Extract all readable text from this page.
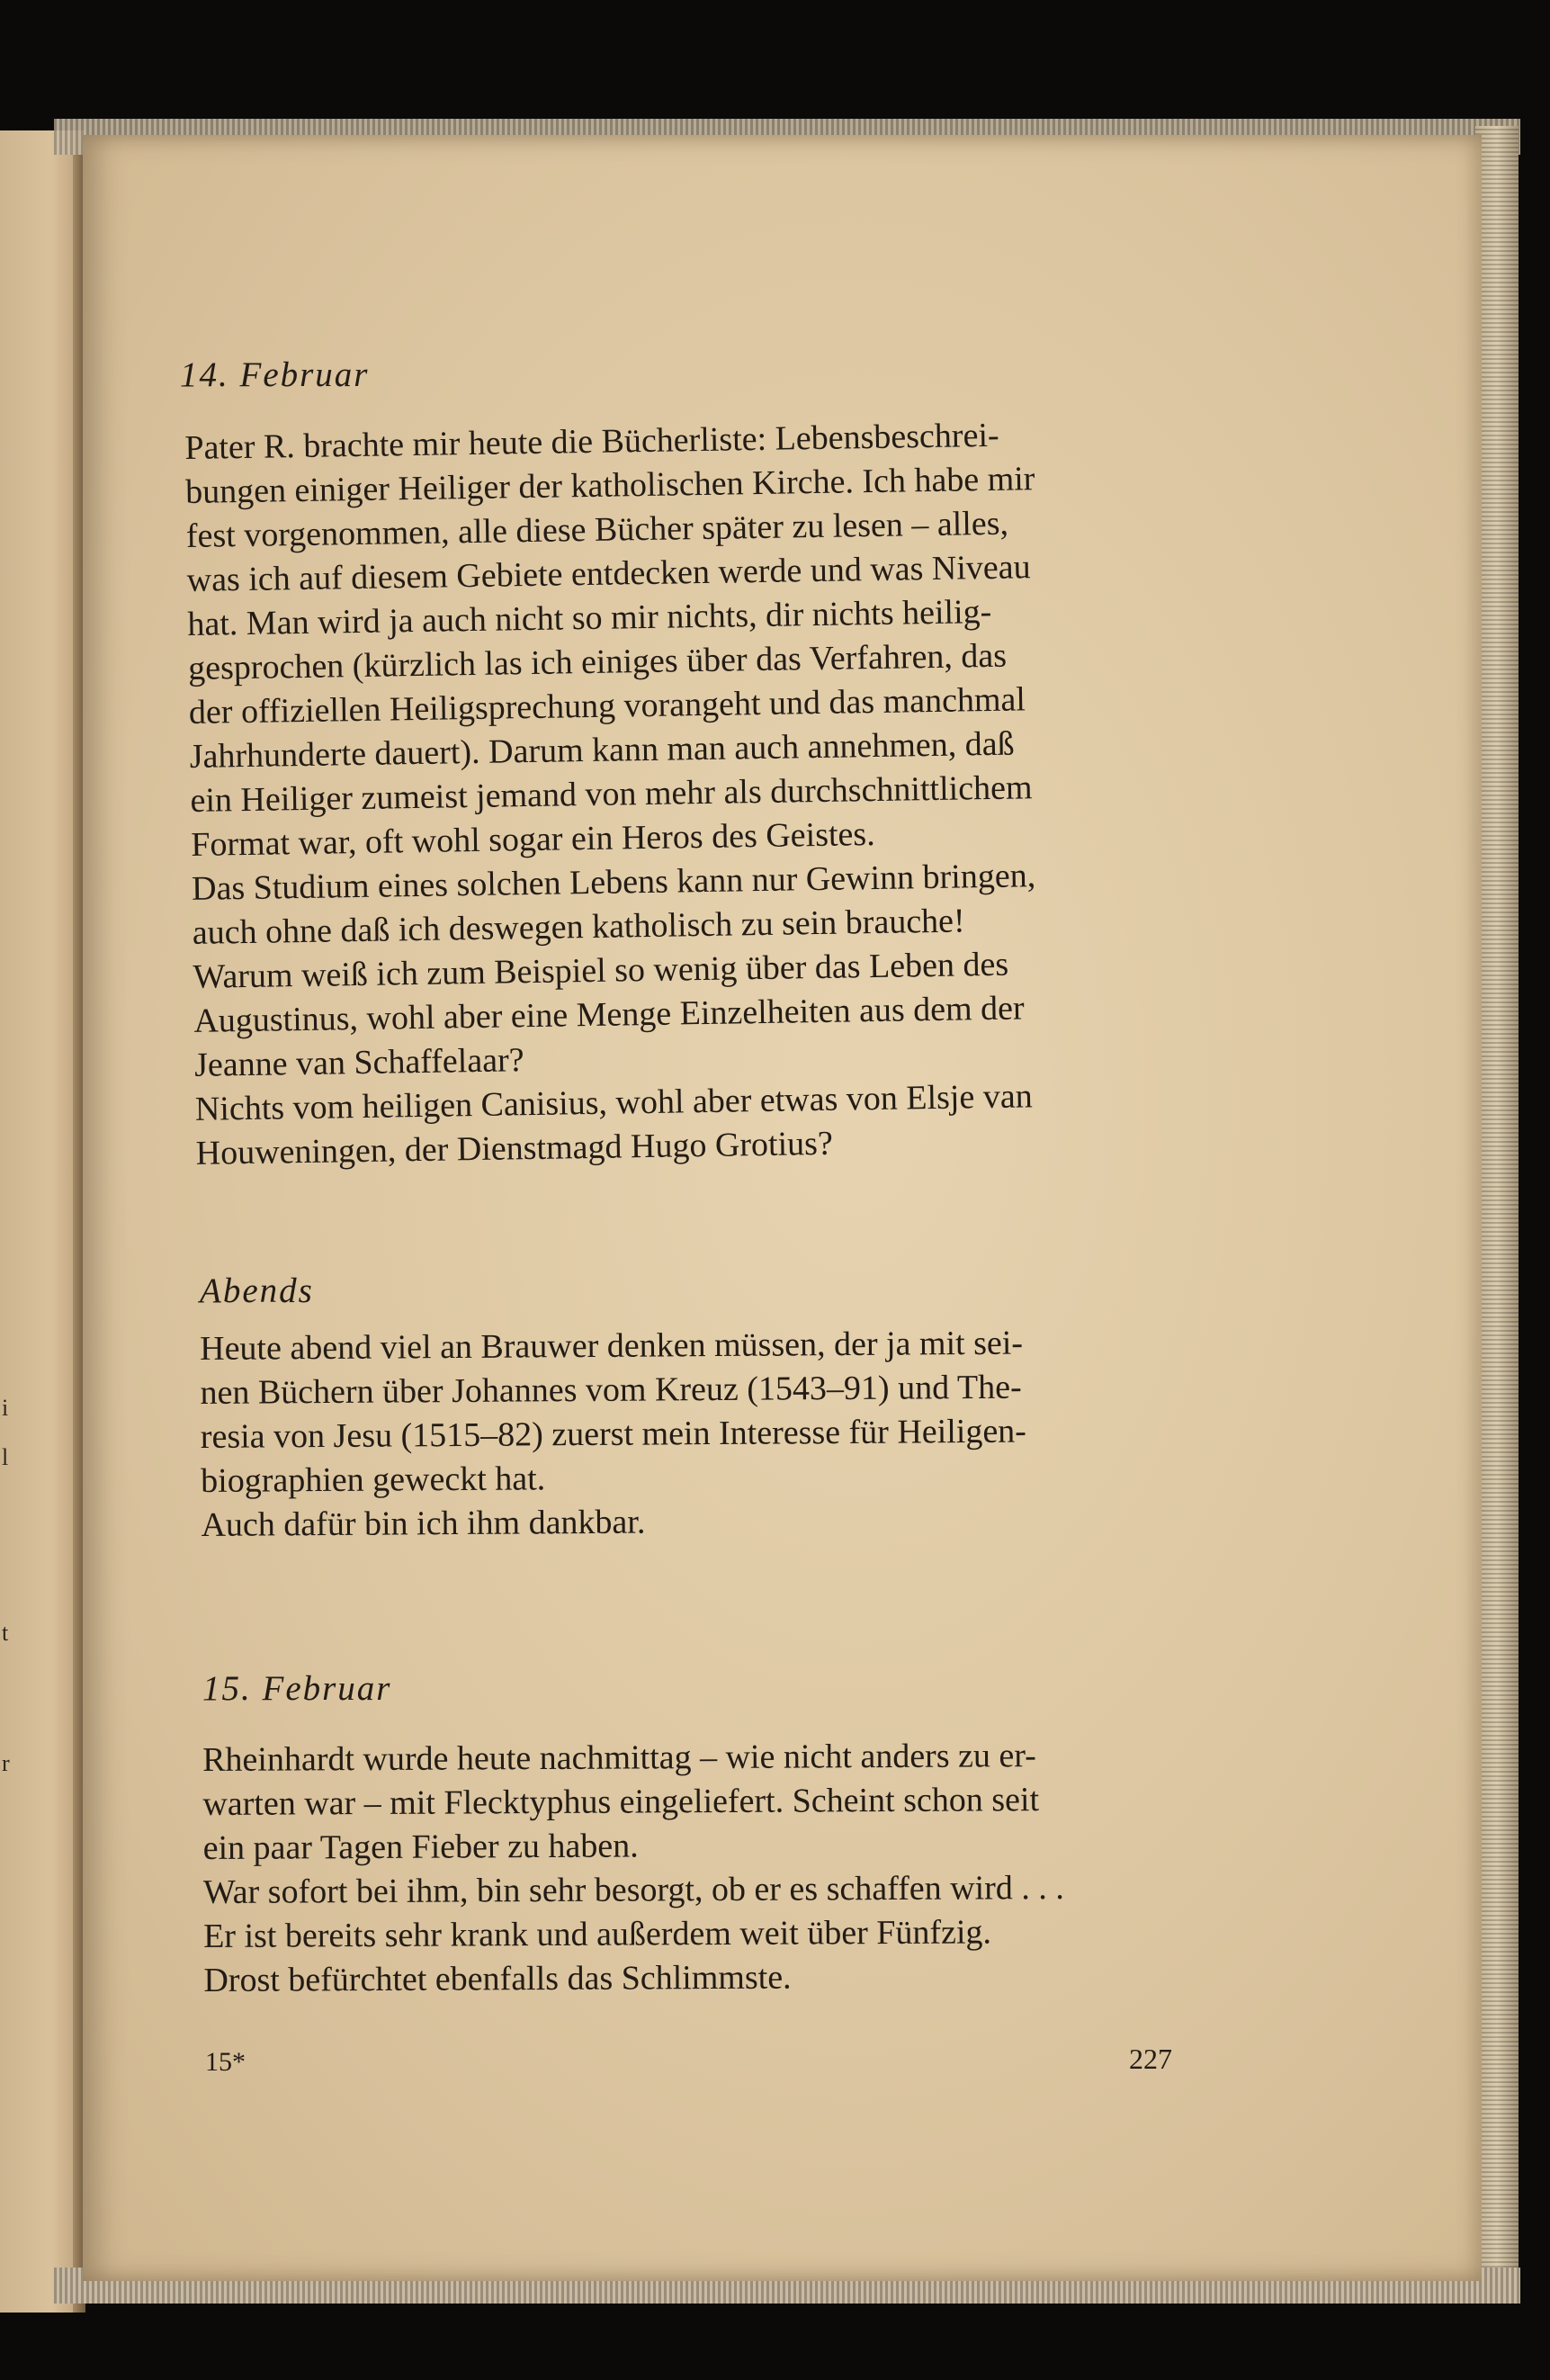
i
l
t
r
14. Februar
Pater R. brachte mir heute die Bücherliste: Lebensbeschrei-
bungen einiger Heiliger der katholischen Kirche. Ich habe mir
fest vorgenommen, alle diese Bücher später zu lesen – alles,
was ich auf diesem Gebiete entdecken werde und was Niveau
hat. Man wird ja auch nicht so mir nichts, dir nichts heilig-
gesprochen (kürzlich las ich einiges über das Verfahren, das
der offiziellen Heiligsprechung vorangeht und das manchmal
Jahrhunderte dauert). Darum kann man auch annehmen, daß
ein Heiliger zumeist jemand von mehr als durchschnittlichem
Format war, oft wohl sogar ein Heros des Geistes.
Das Studium eines solchen Lebens kann nur Gewinn bringen,
auch ohne daß ich deswegen katholisch zu sein brauche!
Warum weiß ich zum Beispiel so wenig über das Leben des
Augustinus, wohl aber eine Menge Einzelheiten aus dem der
Jeanne van Schaffelaar?
Nichts vom heiligen Canisius, wohl aber etwas von Elsje van
Houweningen, der Dienstmagd Hugo Grotius?
Abends
Heute abend viel an Brauwer denken müssen, der ja mit sei-
nen Büchern über Johannes vom Kreuz (1543–91) und The-
resia von Jesu (1515–82) zuerst mein Interesse für Heiligen-
biographien geweckt hat.
Auch dafür bin ich ihm dankbar.
15. Februar
Rheinhardt wurde heute nachmittag – wie nicht anders zu er-
warten war – mit Flecktyphus eingeliefert. Scheint schon seit
ein paar Tagen Fieber zu haben.
War sofort bei ihm, bin sehr besorgt, ob er es schaffen wird . . .
Er ist bereits sehr krank und außerdem weit über Fünfzig.
Drost befürchtet ebenfalls das Schlimmste.
15*	227
